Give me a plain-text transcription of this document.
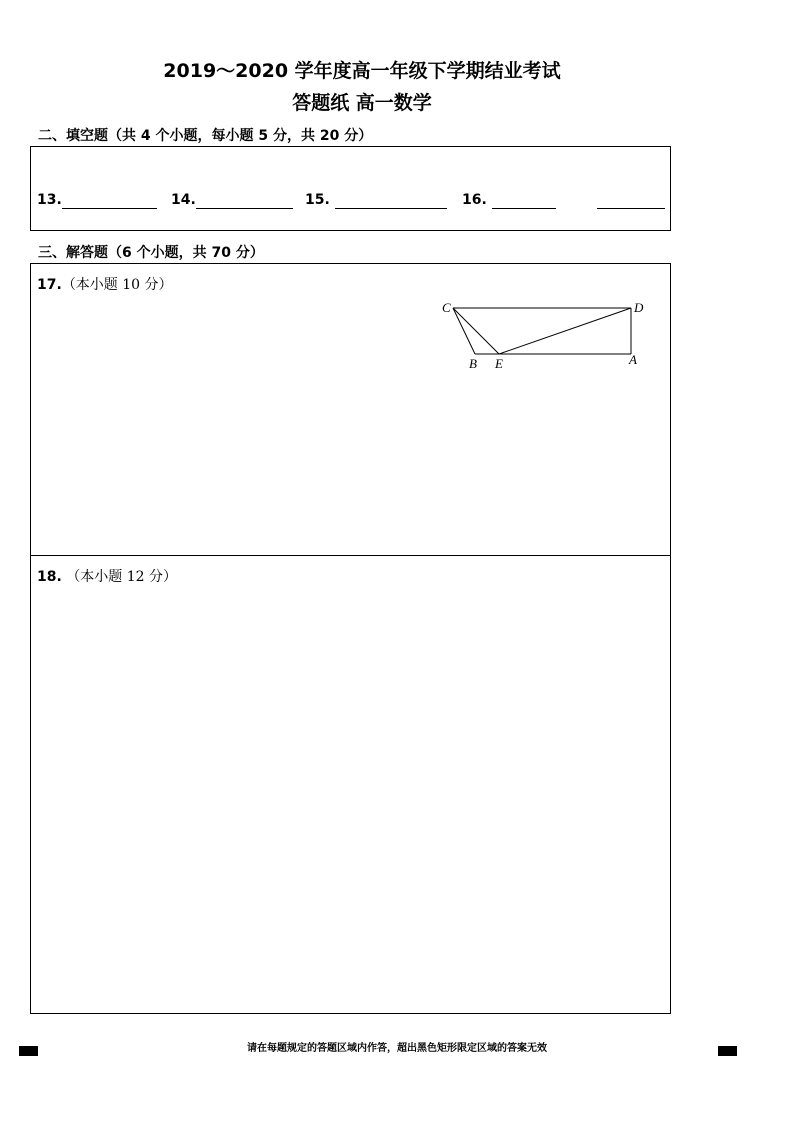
2019～2020 学年度高一年级下学期结业考试
答题纸 高一数学
二、填空题（共 4 个小题，每小题 5 分，共 20 分）
13.	14.	15.	16.
三、解答题（6 个小题，共 70 分）
17.（本小题 10 分）
C	D
B E	A
18. （本小题 12 分）
请在每题规定的答题区域内作答，超出黑色矩形限定区域的答案无效
